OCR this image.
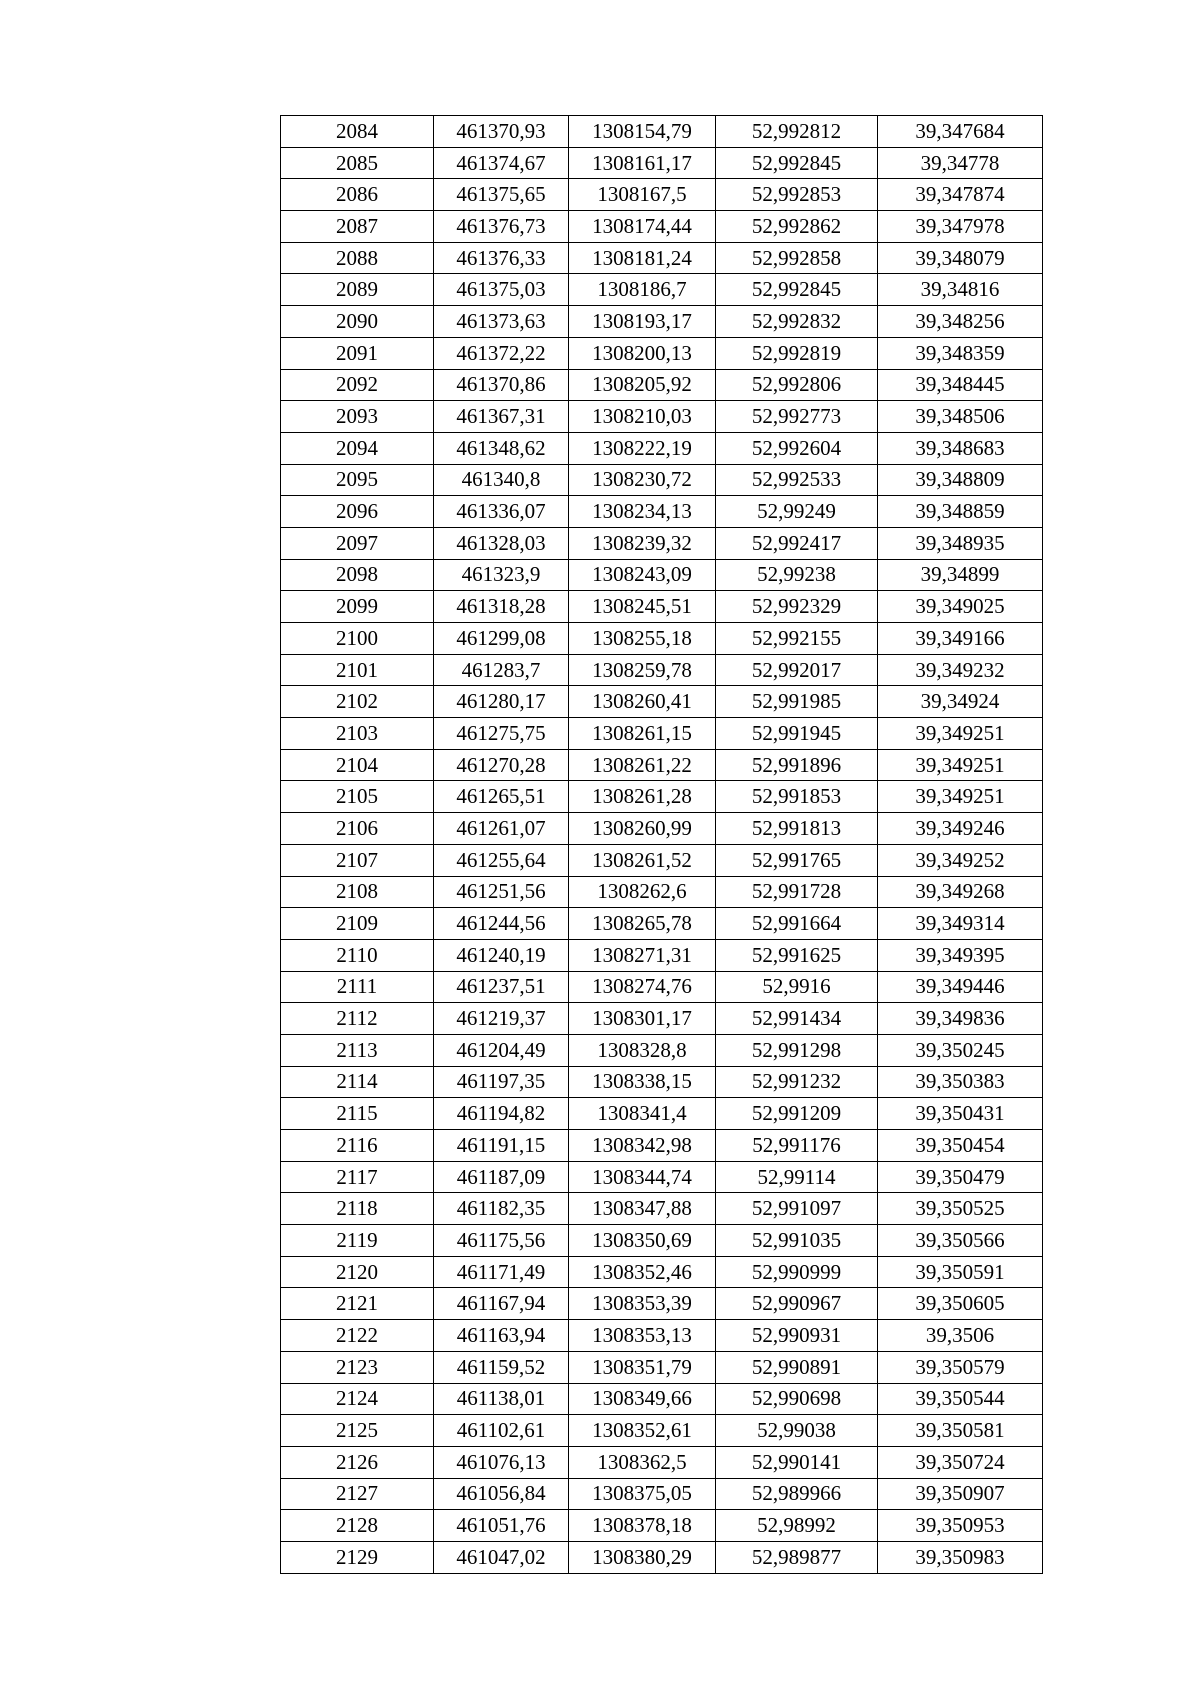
2084	461370,93	1308154,79	52,992812	39,347684
2085	461374,67	1308161,17	52,992845	39,34778
2086	461375,65	1308167,5	52,992853	39,347874
2087	461376,73	1308174,44	52,992862	39,347978
2088	461376,33	1308181,24	52,992858	39,348079
2089	461375,03	1308186,7	52,992845	39,34816
2090	461373,63	1308193,17	52,992832	39,348256
2091	461372,22	1308200,13	52,992819	39,348359
2092	461370,86	1308205,92	52,992806	39,348445
2093	461367,31	1308210,03	52,992773	39,348506
2094	461348,62	1308222,19	52,992604	39,348683
2095	461340,8	1308230,72	52,992533	39,348809
2096	461336,07	1308234,13	52,99249	39,348859
2097	461328,03	1308239,32	52,992417	39,348935
2098	461323,9	1308243,09	52,99238	39,34899
2099	461318,28	1308245,51	52,992329	39,349025
2100	461299,08	1308255,18	52,992155	39,349166
2101	461283,7	1308259,78	52,992017	39,349232
2102	461280,17	1308260,41	52,991985	39,34924
2103	461275,75	1308261,15	52,991945	39,349251
2104	461270,28	1308261,22	52,991896	39,349251
2105	461265,51	1308261,28	52,991853	39,349251
2106	461261,07	1308260,99	52,991813	39,349246
2107	461255,64	1308261,52	52,991765	39,349252
2108	461251,56	1308262,6	52,991728	39,349268
2109	461244,56	1308265,78	52,991664	39,349314
2110	461240,19	1308271,31	52,991625	39,349395
2111	461237,51	1308274,76	52,9916	39,349446
2112	461219,37	1308301,17	52,991434	39,349836
2113	461204,49	1308328,8	52,991298	39,350245
2114	461197,35	1308338,15	52,991232	39,350383
2115	461194,82	1308341,4	52,991209	39,350431
2116	461191,15	1308342,98	52,991176	39,350454
2117	461187,09	1308344,74	52,99114	39,350479
2118	461182,35	1308347,88	52,991097	39,350525
2119	461175,56	1308350,69	52,991035	39,350566
2120	461171,49	1308352,46	52,990999	39,350591
2121	461167,94	1308353,39	52,990967	39,350605
2122	461163,94	1308353,13	52,990931	39,3506
2123	461159,52	1308351,79	52,990891	39,350579
2124	461138,01	1308349,66	52,990698	39,350544
2125	461102,61	1308352,61	52,99038	39,350581
2126	461076,13	1308362,5	52,990141	39,350724
2127	461056,84	1308375,05	52,989966	39,350907
2128	461051,76	1308378,18	52,98992	39,350953
2129	461047,02	1308380,29	52,989877	39,350983
